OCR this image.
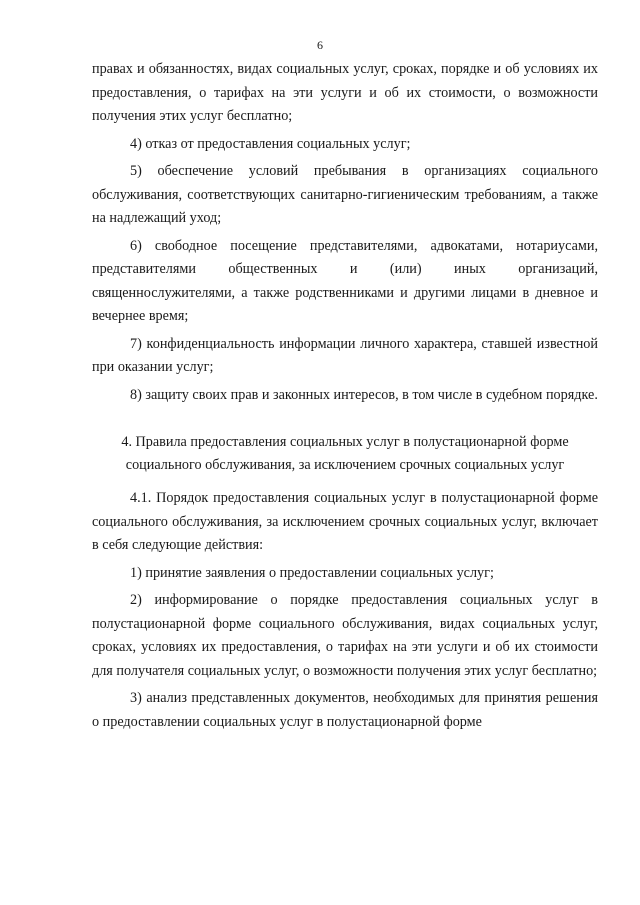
6

правах и обязанностях, видах социальных услуг, сроках, порядке и об условиях их предоставления, о тарифах на эти услуги и об их стоимости, о возможности получения этих услуг бесплатно;

4) отказ от предоставления социальных услуг;

5) обеспечение условий пребывания в организациях социального обслуживания, соответствующих санитарно-гигиеническим требованиям, а также на надлежащий уход;

6) свободное посещение представителями, адвокатами, нотариусами, представителями общественных и (или) иных организаций, священнослужителями, а также родственниками и другими лицами в дневное и вечернее время;

7) конфиденциальность информации личного характера, ставшей известной при оказании услуг;

8) защиту своих прав и законных интересов, в том числе в судебном порядке.

4. Правила предоставления социальных услуг в полустационарной форме социального обслуживания, за исключением срочных социальных услуг

4.1. Порядок предоставления социальных услуг в полустационарной форме социального обслуживания, за исключением срочных социальных услуг, включает в себя следующие действия:

1) принятие заявления о предоставлении социальных услуг;

2) информирование о порядке предоставления социальных услуг в полустационарной форме социального обслуживания, видах социальных услуг, сроках, условиях их предоставления, о тарифах на эти услуги и об их стоимости для получателя социальных услуг, о возможности получения этих услуг бесплатно;

3) анализ представленных документов, необходимых для принятия решения о предоставлении социальных услуг в полустационарной форме
